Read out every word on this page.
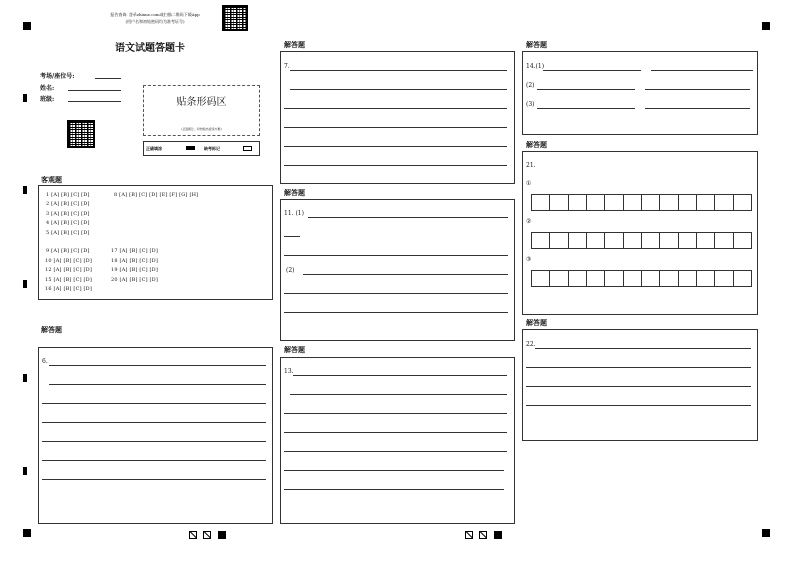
报告查询: 登录zhixue.com或扫描二维码下载App
(用户名和初始密码均为准考证号)
语文试题答题卡
考场/座位号:
姓名:
班级:	贴条形码区
(正面朝上, 切勿贴出虚线方框)
正确填涂	缺考标记
客观题
1 [A] [B] [C] [D]
2 [A] [B] [C] [D]
3 [A] [B] [C] [D]
4 [A] [B] [C] [D]
5 [A] [B] [C] [D]
8 [A] [B] [C] [D] [E] [F] [G] [H]
9 [A] [B] [C] [D]
10 [A] [B] [C] [D]
12 [A] [B] [C] [D]
15 [A] [B] [C] [D]
16 [A] [B] [C] [D]
17 [A] [B] [C] [D]
18 [A] [B] [C] [D]
19 [A] [B] [C] [D]
20 [A] [B] [C] [D]
解答题
6.
解答题
7.
解答题
11. (1)
(2)
解答题
13.
解答题
14.(1)
(2)
(3)
解答题
21.
①
②
③
解答题
22.
